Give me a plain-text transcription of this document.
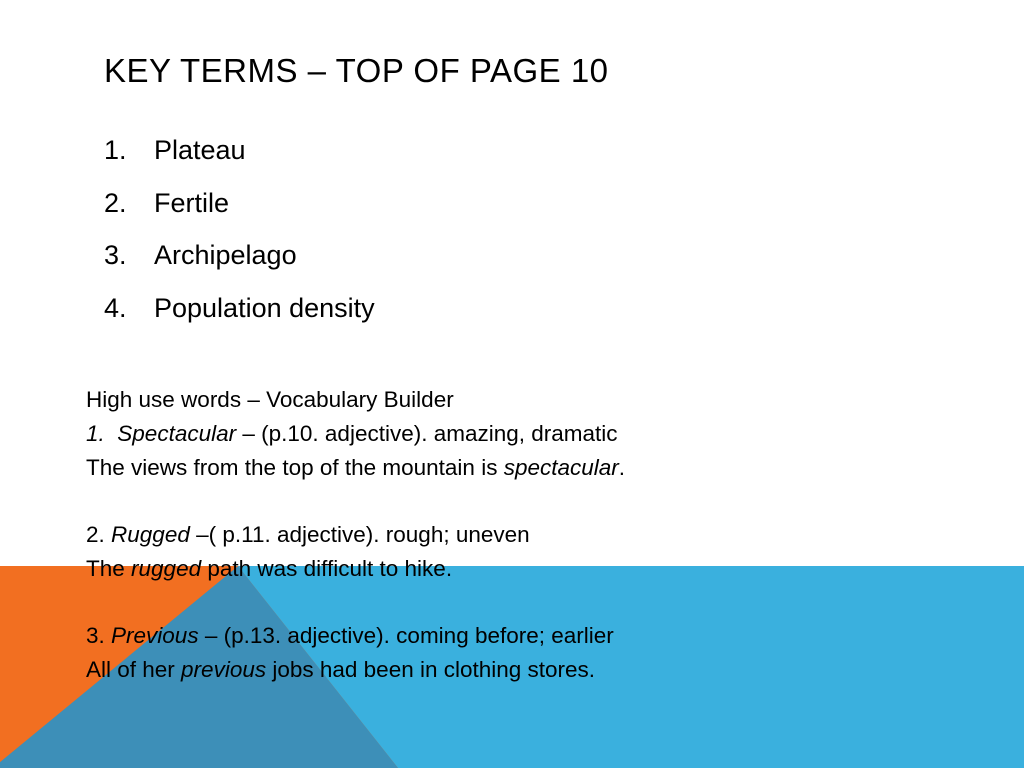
KEY TERMS – TOP OF PAGE 10
1. Plateau
2. Fertile
3. Archipelago
4. Population density
High use words – Vocabulary Builder
1.  Spectacular – (p.10. adjective). amazing, dramatic
The views from the top of the mountain is spectacular.
2. Rugged –( p.11. adjective). rough; uneven
The rugged path was difficult to hike.
3. Previous – (p.13. adjective). coming before; earlier
All of her previous jobs had been in clothing stores.
